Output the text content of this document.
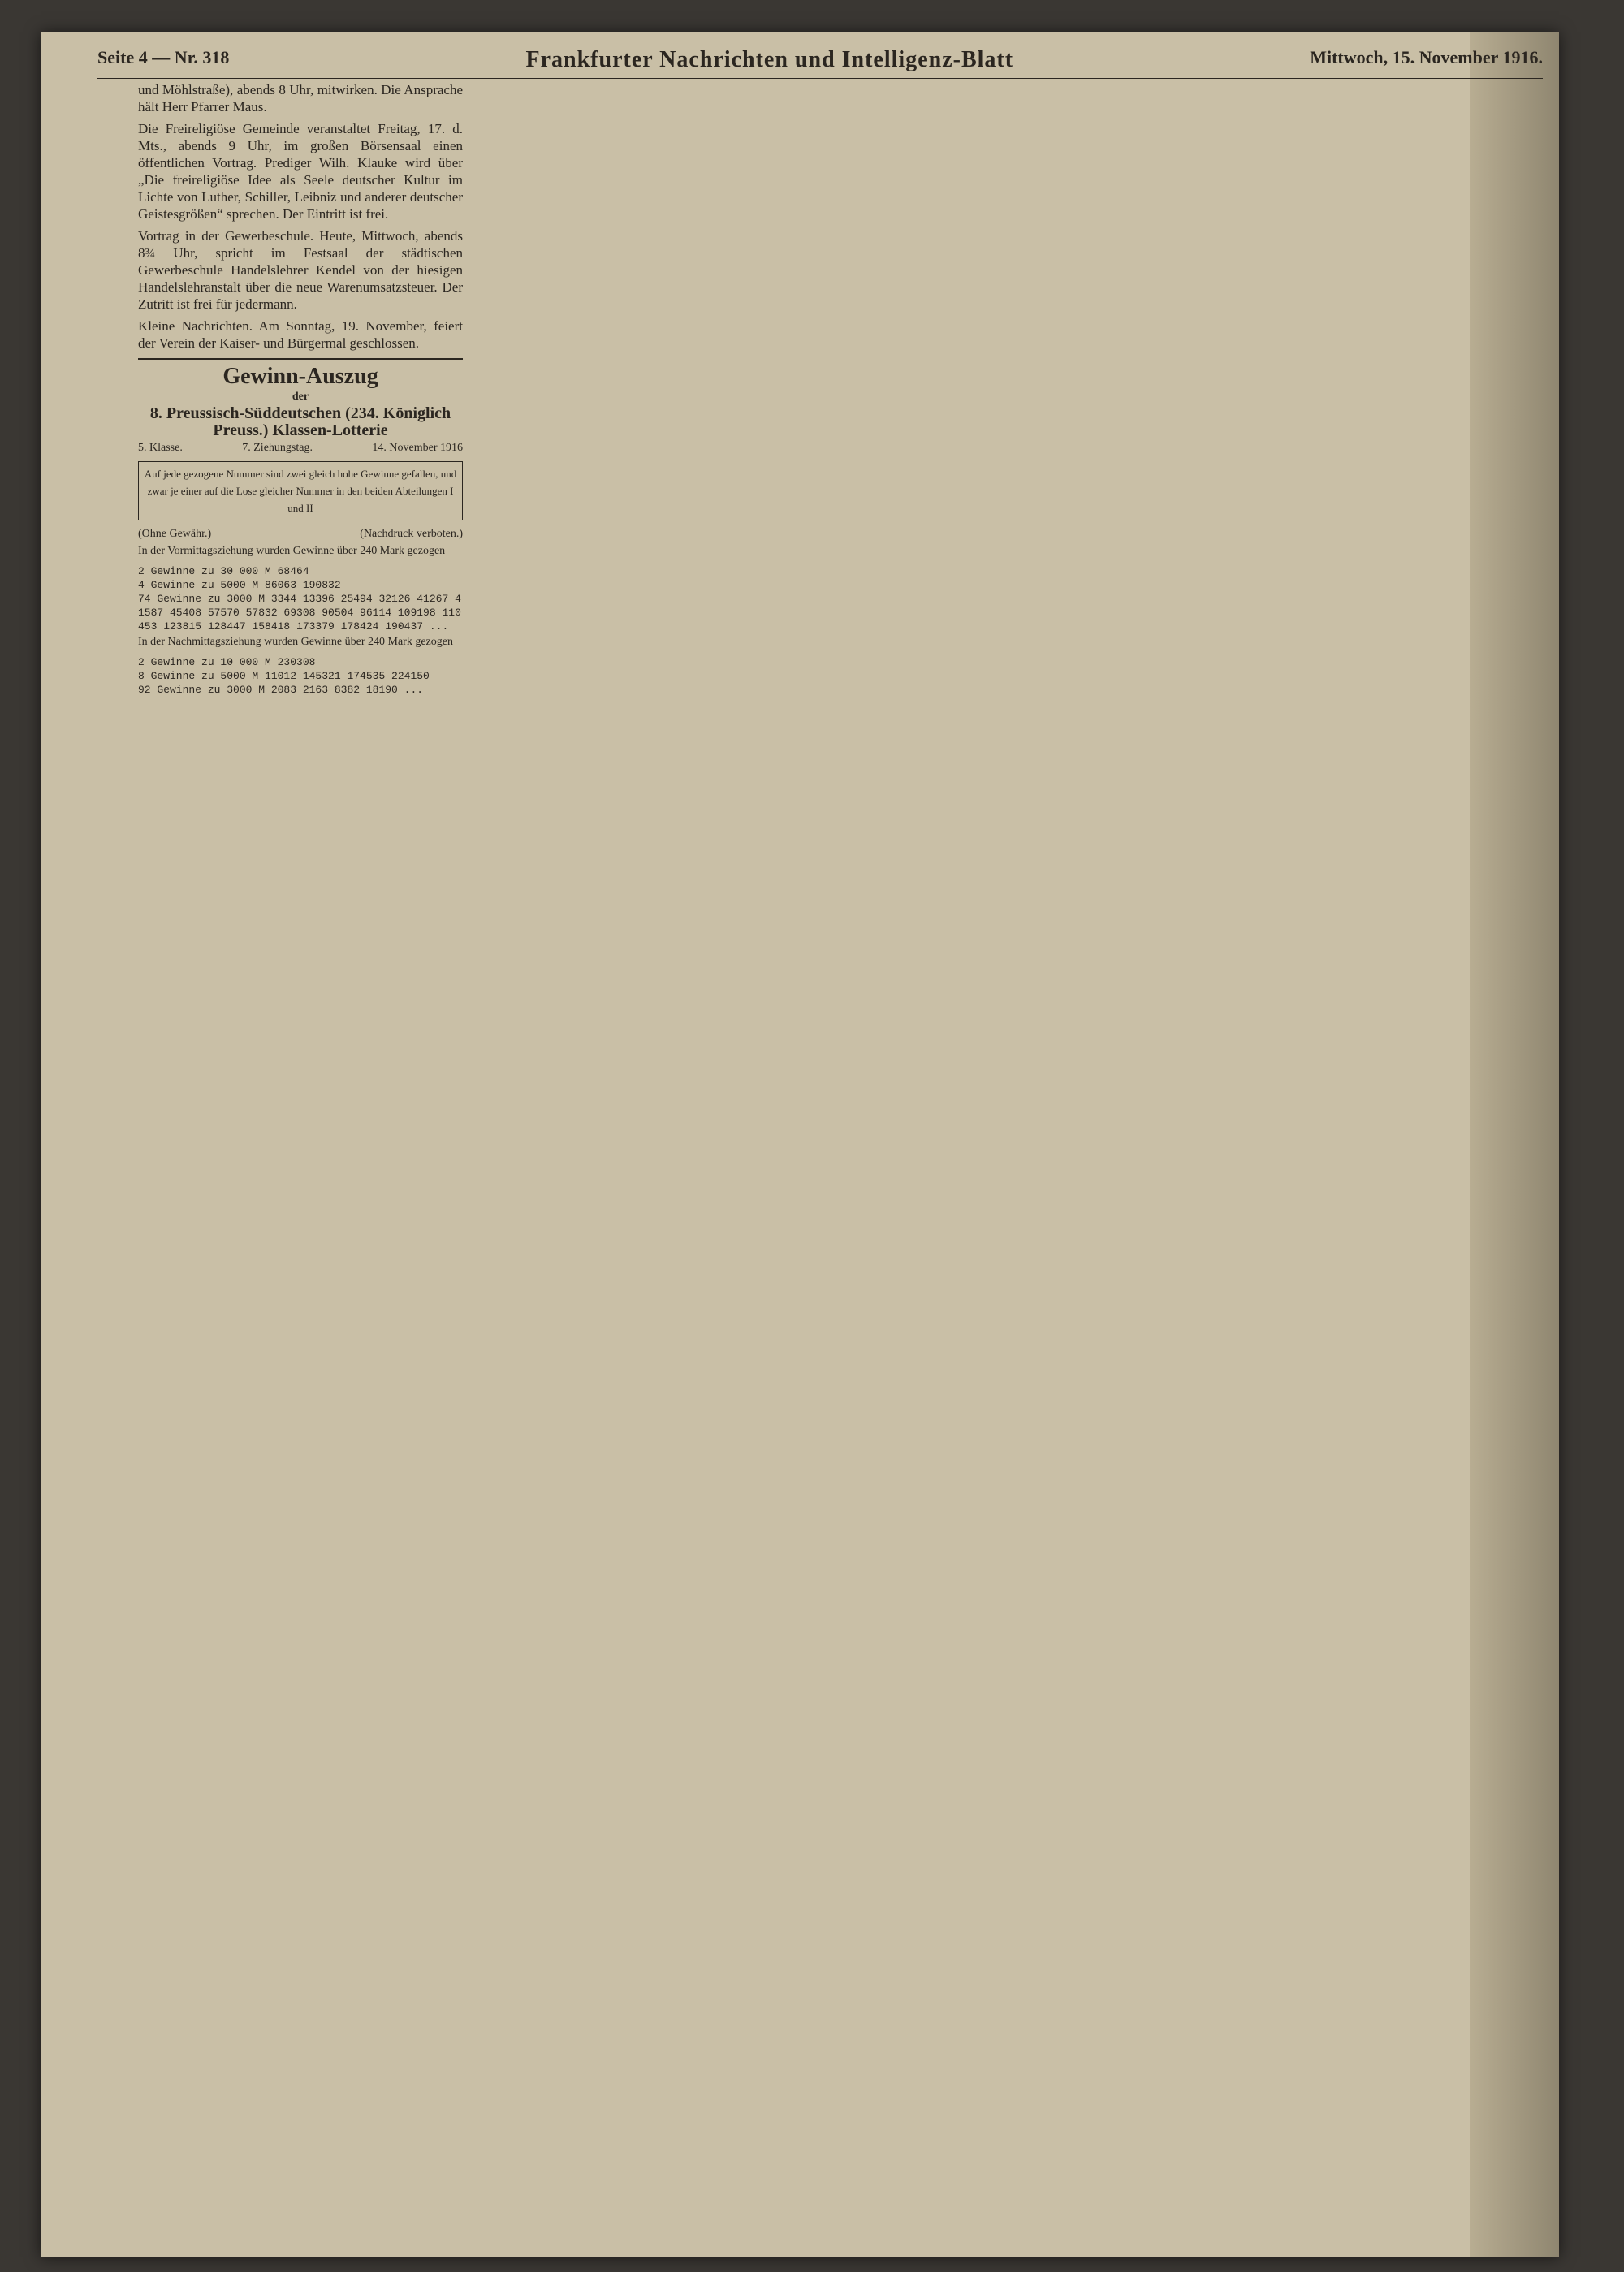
Seite 4 — Nr. 318	Frankfurter Nachrichten und Intelligenz-Blatt	Mittwoch, 15. November 1916.

und Möhlstraße), abends 8 Uhr, mitwirken. Die Ansprache hält Herr Pfarrer Maus.

Die Freireligiöse Gemeinde veranstaltet Freitag, 17. d. Mts., abends 9 Uhr, im großen Börsensaal einen öffentlichen Vortrag. Prediger Wilh. Klauke wird über „Die freireligiöse Idee als Seele deutscher Kultur im Lichte von Luther, Schiller, Leibniz und anderer deutscher Geistesgrößen“ sprechen. Der Eintritt ist frei.

Vortrag in der Gewerbeschule. Heute, Mittwoch, abends 8¾ Uhr, spricht im Festsaal der städtischen Gewerbeschule Handelslehrer Kendel von der hiesigen Handelslehranstalt über die neue Warenumsatzsteuer. Der Zutritt ist frei für jedermann.

Kleine Nachrichten. Am Sonntag, 19. November, feiert der Verein der Kaiser- und Bürgermal geschlossen.

Gewinn-Auszug
der
8. Preussisch-Süddeutschen (234. Königlich Preuss.) Klassen-Lotterie
5. Klasse.	7. Ziehungstag.	14. November 1916
Auf jede gezogene Nummer sind zwei gleich hohe Gewinne gefallen, und zwar je einer auf die Lose gleicher Nummer in den beiden Abteilungen I und II
(Ohne Gewähr.)	(Nachdruck verboten.)

In der Vormittagsziehung wurden Gewinne über 240 Mark gezogen

2 Gewinne zu 30 000 M 68464
4 Gewinne zu 5000 M 86063 190832
74 Gewinne zu 3000 M 3344 13396 25494 32126 41267 41587 45408 57570 57832 69308 90504 96114 109198 110453 123815 128447 158418 173379 178424 190437 ...

In der Nachmittagsziehung wurden Gewinne über 240 Mark gezogen

2 Gewinne zu 10 000 M 230308
8 Gewinne zu 5000 M 11012 145321 174535 224150
92 Gewinne zu 3000 M 2083 2163 8382 18190 ...
